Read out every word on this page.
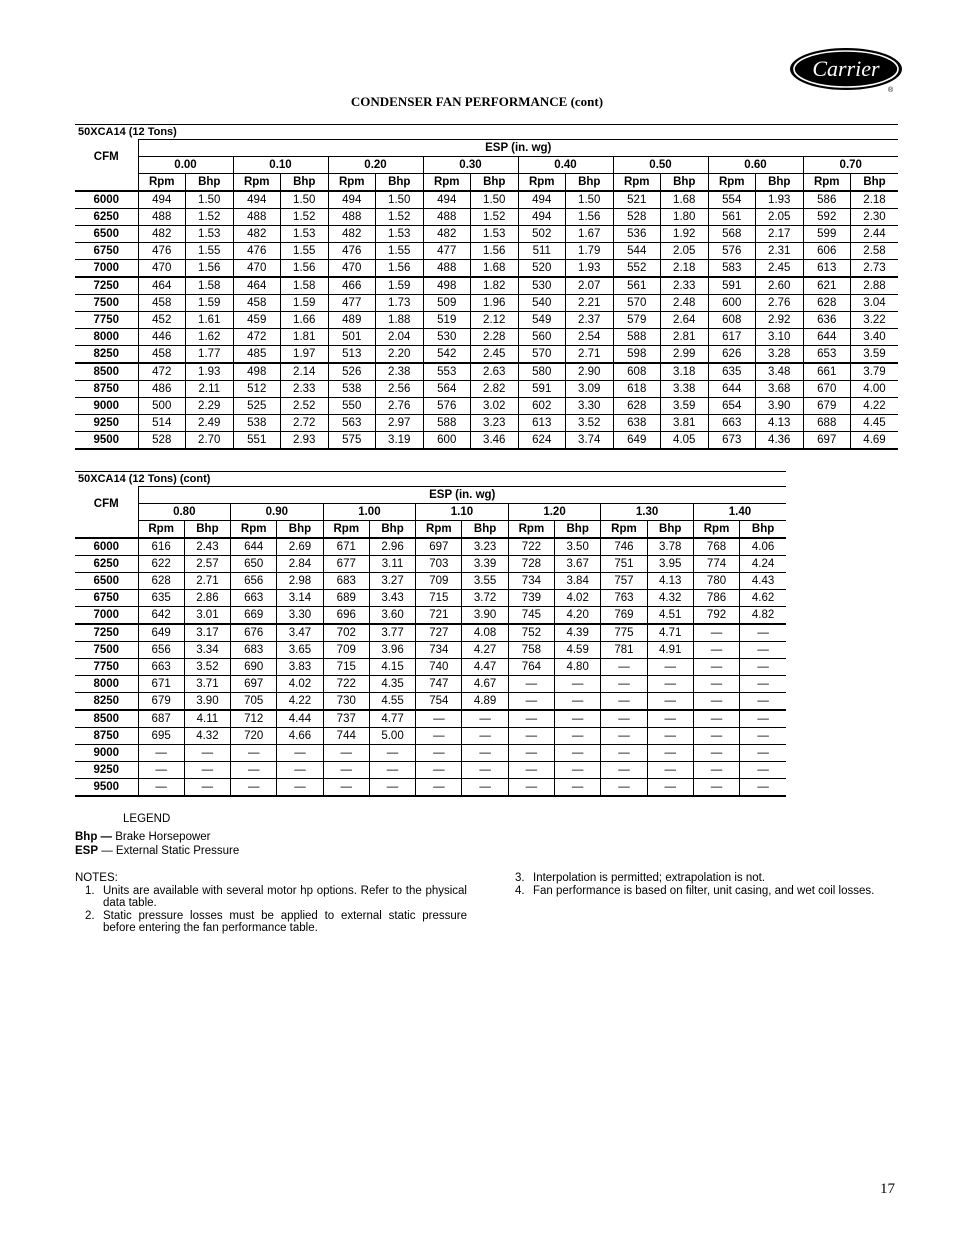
Carrier
®
CONDENSER FAN PERFORMANCE (cont)
50XCA14 (12 Tons)
CFM	ESP (in. wg)															
	0.00		0.10		0.20		0.30		0.40		0.50		0.60		0.70	
	Rpm	Bhp	Rpm	Bhp	Rpm	Bhp	Rpm	Bhp	Rpm	Bhp	Rpm	Bhp	Rpm	Bhp	Rpm	Bhp
6000	494	1.50	494	1.50	494	1.50	494	1.50	494	1.50	521	1.68	554	1.93	586	2.18
6250	488	1.52	488	1.52	488	1.52	488	1.52	494	1.56	528	1.80	561	2.05	592	2.30
6500	482	1.53	482	1.53	482	1.53	482	1.53	502	1.67	536	1.92	568	2.17	599	2.44
6750	476	1.55	476	1.55	476	1.55	477	1.56	511	1.79	544	2.05	576	2.31	606	2.58
7000	470	1.56	470	1.56	470	1.56	488	1.68	520	1.93	552	2.18	583	2.45	613	2.73
7250	464	1.58	464	1.58	466	1.59	498	1.82	530	2.07	561	2.33	591	2.60	621	2.88
7500	458	1.59	458	1.59	477	1.73	509	1.96	540	2.21	570	2.48	600	2.76	628	3.04
7750	452	1.61	459	1.66	489	1.88	519	2.12	549	2.37	579	2.64	608	2.92	636	3.22
8000	446	1.62	472	1.81	501	2.04	530	2.28	560	2.54	588	2.81	617	3.10	644	3.40
8250	458	1.77	485	1.97	513	2.20	542	2.45	570	2.71	598	2.99	626	3.28	653	3.59
8500	472	1.93	498	2.14	526	2.38	553	2.63	580	2.90	608	3.18	635	3.48	661	3.79
8750	486	2.11	512	2.33	538	2.56	564	2.82	591	3.09	618	3.38	644	3.68	670	4.00
9000	500	2.29	525	2.52	550	2.76	576	3.02	602	3.30	628	3.59	654	3.90	679	4.22
9250	514	2.49	538	2.72	563	2.97	588	3.23	613	3.52	638	3.81	663	4.13	688	4.45
9500	528	2.70	551	2.93	575	3.19	600	3.46	624	3.74	649	4.05	673	4.36	697	4.69
50XCA14 (12 Tons) (cont)
CFM	ESP (in. wg)													
	0.80		0.90		1.00		1.10		1.20		1.30		1.40	
	Rpm	Bhp	Rpm	Bhp	Rpm	Bhp	Rpm	Bhp	Rpm	Bhp	Rpm	Bhp	Rpm	Bhp
6000	616	2.43	644	2.69	671	2.96	697	3.23	722	3.50	746	3.78	768	4.06
6250	622	2.57	650	2.84	677	3.11	703	3.39	728	3.67	751	3.95	774	4.24
6500	628	2.71	656	2.98	683	3.27	709	3.55	734	3.84	757	4.13	780	4.43
6750	635	2.86	663	3.14	689	3.43	715	3.72	739	4.02	763	4.32	786	4.62
7000	642	3.01	669	3.30	696	3.60	721	3.90	745	4.20	769	4.51	792	4.82
7250	649	3.17	676	3.47	702	3.77	727	4.08	752	4.39	775	4.71	—	—
7500	656	3.34	683	3.65	709	3.96	734	4.27	758	4.59	781	4.91	—	—
7750	663	3.52	690	3.83	715	4.15	740	4.47	764	4.80	—	—	—	—
8000	671	3.71	697	4.02	722	4.35	747	4.67	—	—	—	—	—	—
8250	679	3.90	705	4.22	730	4.55	754	4.89	—	—	—	—	—	—
8500	687	4.11	712	4.44	737	4.77	—	—	—	—	—	—	—	—
8750	695	4.32	720	4.66	744	5.00	—	—	—	—	—	—	—	—
9000	—	—	—	—	—	—	—	—	—	—	—	—	—	—
9250	—	—	—	—	—	—	—	—	—	—	—	—	—	—
9500	—	—	—	—	—	—	—	—	—	—	—	—	—	—
LEGEND
Bhp — Brake Horsepower
ESP — External Static Pressure
NOTES:
1. Units are available with several motor hp options. Refer to the physical data table.
2. Static pressure losses must be applied to external static pressure before entering the fan performance table.
3. Interpolation is permitted; extrapolation is not.
4. Fan performance is based on filter, unit casing, and wet coil losses.
17
